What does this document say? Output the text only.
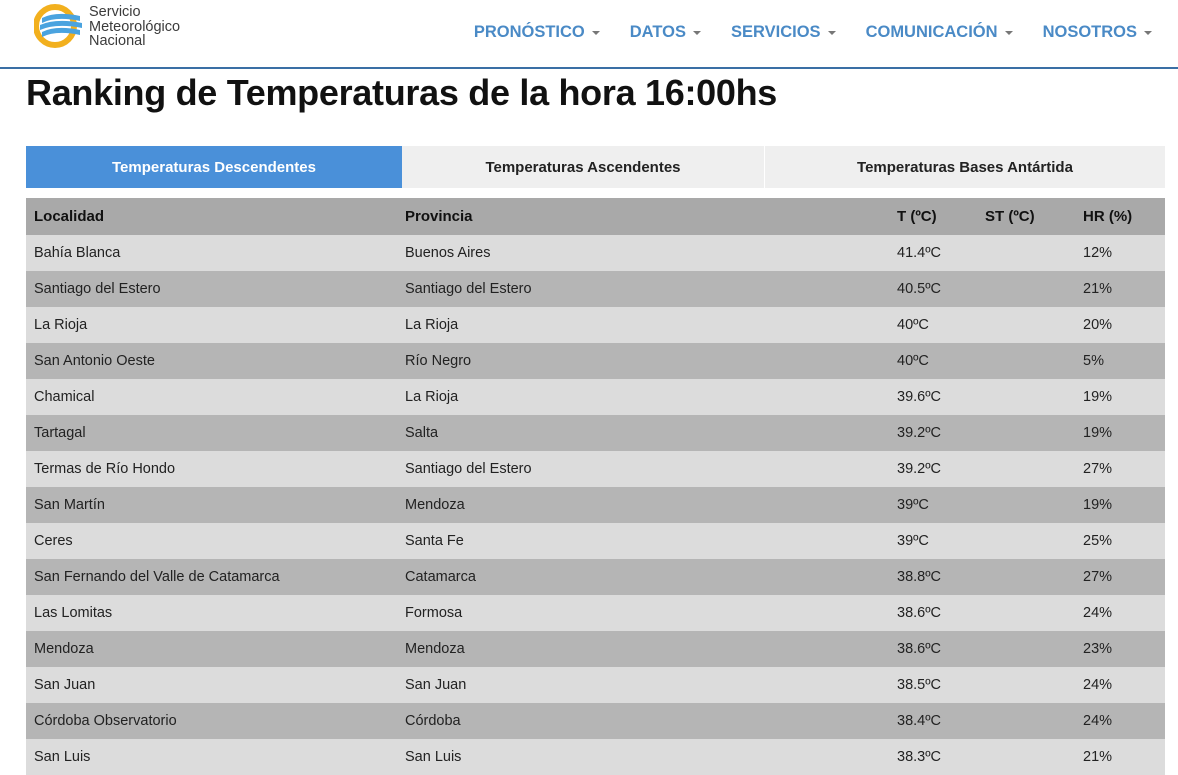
Servicio
Meteorológico
Nacional
PRONÓSTICO	DATOS	SERVICIOS	COMUNICACIÓN	NOSOTROS
Ranking de Temperaturas de la hora 16:00hs
Temperaturas Descendentes	Temperaturas Ascendentes	Temperaturas Bases Antártida
Localidad	Provincia	T (ºC)	ST (ºC)	HR (%)
Bahía Blanca	Buenos Aires	41.4ºC		12%
Santiago del Estero	Santiago del Estero	40.5ºC		21%
La Rioja	La Rioja	40ºC		20%
San Antonio Oeste	Río Negro	40ºC		5%
Chamical	La Rioja	39.6ºC		19%
Tartagal	Salta	39.2ºC		19%
Termas de Río Hondo	Santiago del Estero	39.2ºC		27%
San Martín	Mendoza	39ºC		19%
Ceres	Santa Fe	39ºC		25%
San Fernando del Valle de Catamarca	Catamarca	38.8ºC		27%
Las Lomitas	Formosa	38.6ºC		24%
Mendoza	Mendoza	38.6ºC		23%
San Juan	San Juan	38.5ºC		24%
Córdoba Observatorio	Córdoba	38.4ºC		24%
San Luis	San Luis	38.3ºC		21%
